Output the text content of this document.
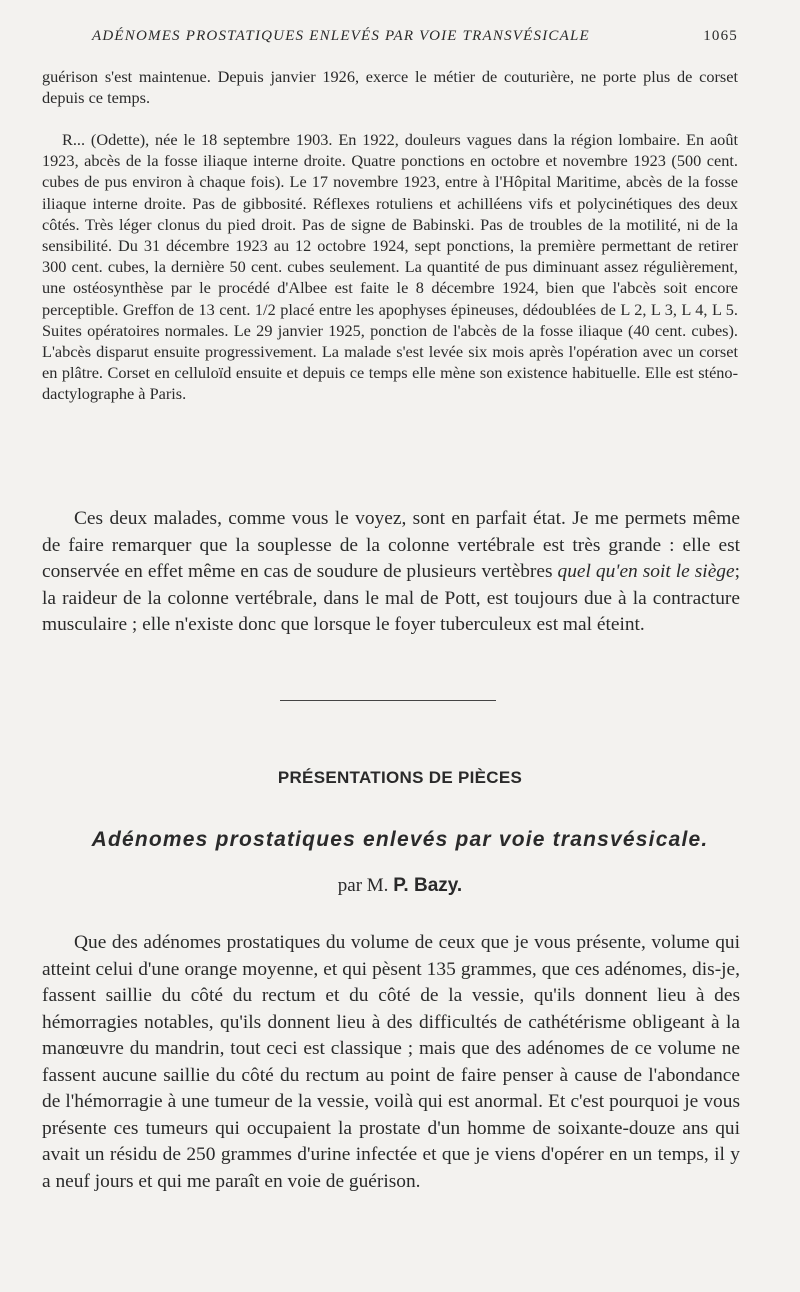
ADÉNOMES PROSTATIQUES ENLEVÉS PAR VOIE TRANSVÉSICALE	1065

guérison s'est maintenue. Depuis janvier 1926, exerce le métier de couturière, ne porte plus de corset depuis ce temps.

R... (Odette), née le 18 septembre 1903. En 1922, douleurs vagues dans la région lombaire. En août 1923, abcès de la fosse iliaque interne droite. Quatre ponctions en octobre et novembre 1923 (500 cent. cubes de pus environ à chaque fois). Le 17 novembre 1923, entre à l'Hôpital Maritime, abcès de la fosse iliaque interne droite. Pas de gibbosité. Réflexes rotuliens et achilléens vifs et polycinétiques des deux côtés. Très léger clonus du pied droit. Pas de signe de Babinski. Pas de troubles de la motilité, ni de la sensibilité. Du 31 décembre 1923 au 12 octobre 1924, sept ponctions, la première permettant de retirer 300 cent. cubes, la dernière 50 cent. cubes seulement. La quantité de pus diminuant assez régulièrement, une ostéosynthèse par le procédé d'Albee est faite le 8 décembre 1924, bien que l'abcès soit encore perceptible. Greffon de 13 cent. 1/2 placé entre les apophyses épineuses, dédoublées de L 2, L 3, L 4, L 5. Suites opératoires normales. Le 29 janvier 1925, ponction de l'abcès de la fosse iliaque (40 cent. cubes). L'abcès disparut ensuite progressivement. La malade s'est levée six mois après l'opération avec un corset en plâtre. Corset en celluloïd ensuite et depuis ce temps elle mène son existence habituelle. Elle est sténo-dactylographe à Paris.

Ces deux malades, comme vous le voyez, sont en parfait état. Je me permets même de faire remarquer que la souplesse de la colonne vertébrale est très grande : elle est conservée en effet même en cas de soudure de plusieurs vertèbres quel qu'en soit le siège; la raideur de la colonne vertébrale, dans le mal de Pott, est toujours due à la contracture musculaire ; elle n'existe donc que lorsque le foyer tuberculeux est mal éteint.

PRÉSENTATIONS DE PIÈCES
Adénomes prostatiques enlevés par voie transvésicale.
par M. P. Bazy.

Que des adénomes prostatiques du volume de ceux que je vous présente, volume qui atteint celui d'une orange moyenne, et qui pèsent 135 grammes, que ces adénomes, dis-je, fassent saillie du côté du rectum et du côté de la vessie, qu'ils donnent lieu à des hémorragies notables, qu'ils donnent lieu à des difficultés de cathétérisme obligeant à la manœuvre du mandrin, tout ceci est classique ; mais que des adénomes de ce volume ne fassent aucune saillie du côté du rectum au point de faire penser à cause de l'abondance de l'hémorragie à une tumeur de la vessie, voilà qui est anormal. Et c'est pourquoi je vous présente ces tumeurs qui occupaient la prostate d'un homme de soixante-douze ans qui avait un résidu de 250 grammes d'urine infectée et que je viens d'opérer en un temps, il y a neuf jours et qui me paraît en voie de guérison.
